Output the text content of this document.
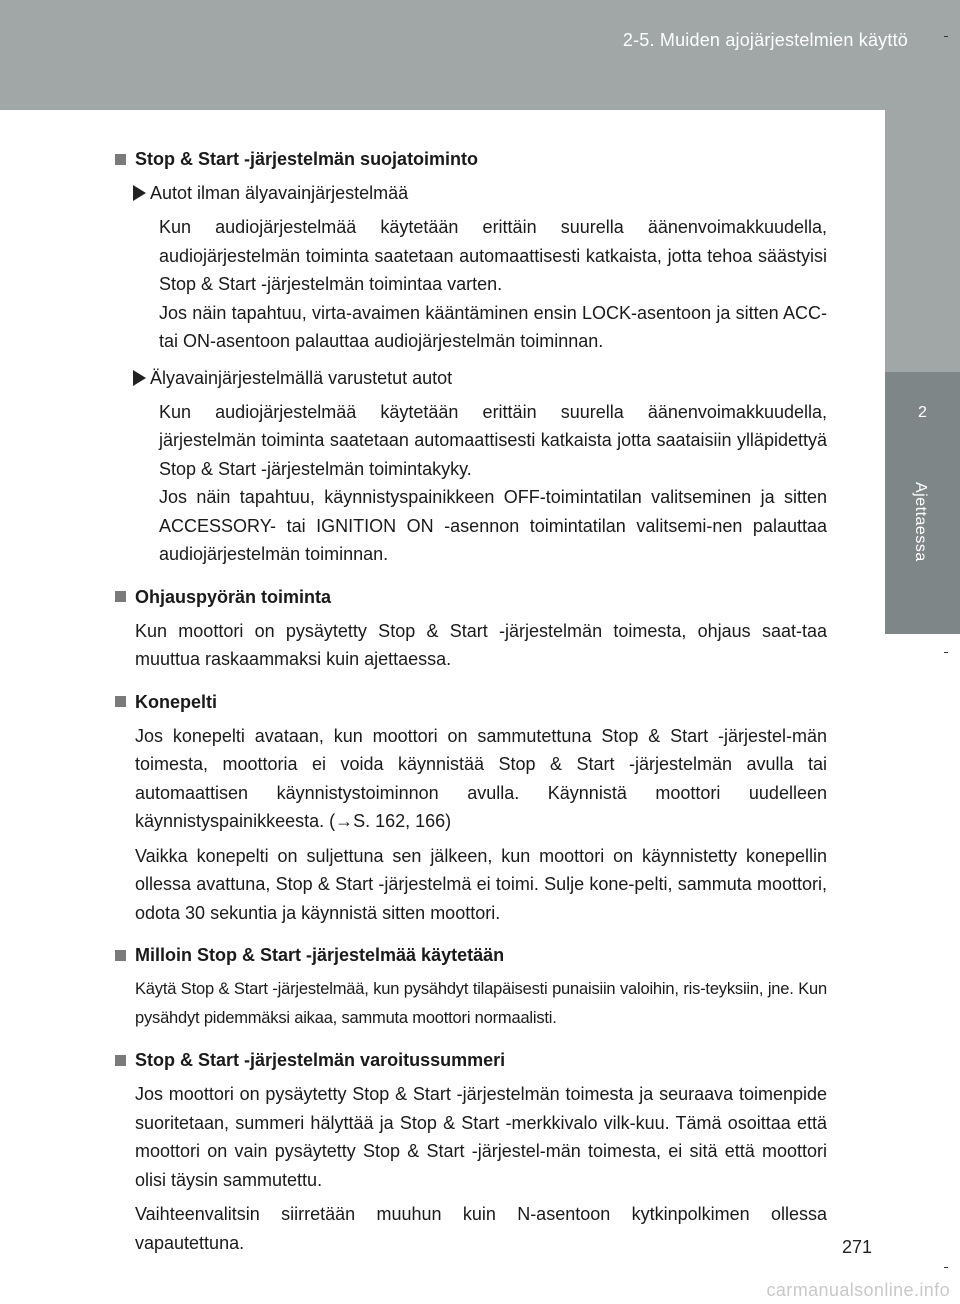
2-5. Muiden ajojärjestelmien käyttö
2
Ajettaessa
Stop & Start -järjestelmän suojatoiminto
Autot ilman älyavainjärjestelmää
Kun audiojärjestelmää käytetään erittäin suurella äänenvoimakkuudella, audiojärjestelmän toiminta saatetaan automaattisesti katkaista, jotta tehoa säästyisi Stop & Start -järjestelmän toimintaa varten.
Jos näin tapahtuu, virta-avaimen kääntäminen ensin LOCK-asentoon ja sitten ACC- tai ON-asentoon palauttaa audiojärjestelmän toiminnan.
Älyavainjärjestelmällä varustetut autot
Kun audiojärjestelmää käytetään erittäin suurella äänenvoimakkuudella, järjestelmän toiminta saatetaan automaattisesti katkaista jotta saataisiin ylläpidettyä Stop & Start -järjestelmän toimintakyky.
Jos näin tapahtuu, käynnistyspainikkeen OFF-toimintatilan valitseminen ja sitten ACCESSORY- tai IGNITION ON -asennon toimintatilan valitsemi-nen palauttaa audiojärjestelmän toiminnan.
Ohjauspyörän toiminta
Kun moottori on pysäytetty Stop & Start -järjestelmän toimesta, ohjaus saat-taa muuttua raskaammaksi kuin ajettaessa.
Konepelti
Jos konepelti avataan, kun moottori on sammutettuna Stop & Start -järjestel-män toimesta, moottoria ei voida käynnistää Stop & Start -järjestelmän avulla tai automaattisen käynnistystoiminnon avulla. Käynnistä moottori uudelleen käynnistyspainikkeesta. (→S. 162, 166)
Vaikka konepelti on suljettuna sen jälkeen, kun moottori on käynnistetty konepellin ollessa avattuna, Stop & Start -järjestelmä ei toimi. Sulje kone-pelti, sammuta moottori, odota 30 sekuntia ja käynnistä sitten moottori.
Milloin Stop & Start -järjestelmää käytetään
Käytä Stop & Start -järjestelmää, kun pysähdyt tilapäisesti punaisiin valoihin, ris-teyksiin, jne. Kun pysähdyt pidemmäksi aikaa, sammuta moottori normaalisti.
Stop & Start -järjestelmän varoitussummeri
Jos moottori on pysäytetty Stop & Start -järjestelmän toimesta ja seuraava toimenpide suoritetaan, summeri hälyttää ja Stop & Start -merkkivalo vilk-kuu. Tämä osoittaa että moottori on vain pysäytetty Stop & Start -järjestel-män toimesta, ei sitä että moottori olisi täysin sammutettu.
Vaihteenvalitsin siirretään muuhun kuin N-asentoon kytkinpolkimen ollessa vapautettuna.	271
carmanualsonline.info
